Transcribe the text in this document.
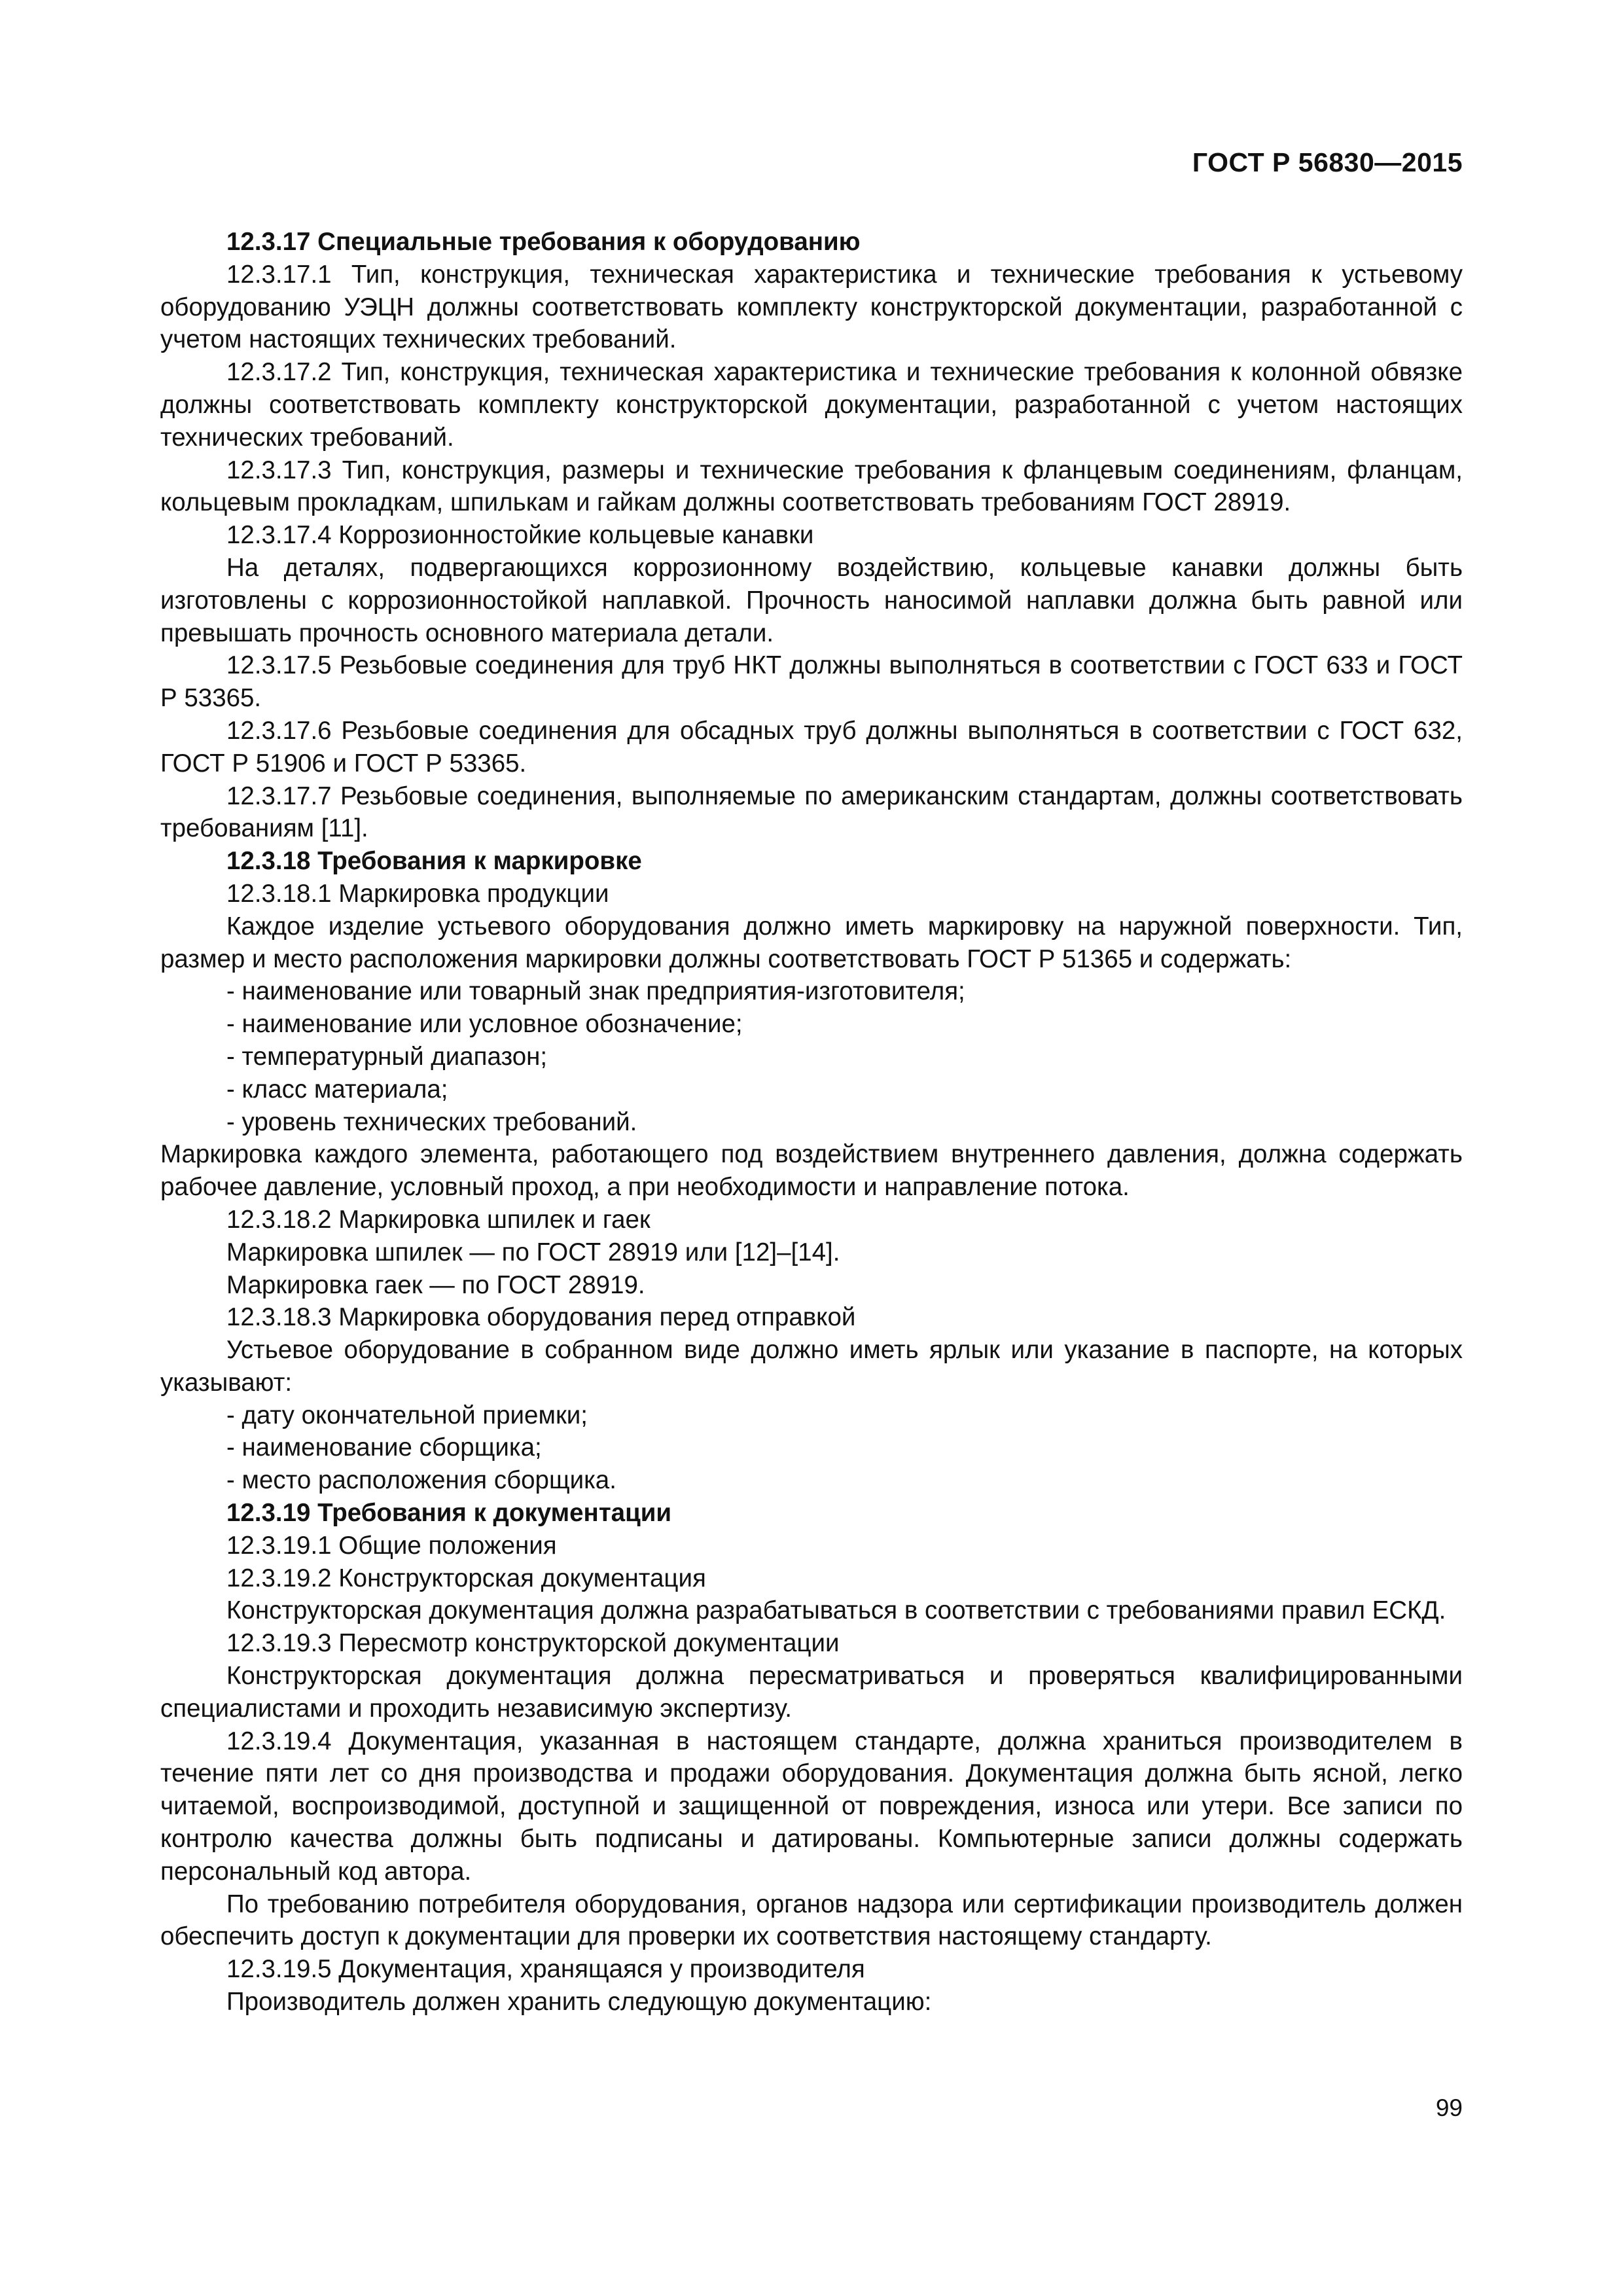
ГОСТ Р 56830—2015

12.3.17 Специальные требования к оборудованию

12.3.17.1 Тип, конструкция, техническая характеристика и технические требования к устьевому оборудованию УЭЦН должны соответствовать комплекту конструкторской документации, разработанной с учетом настоящих технических требований.

12.3.17.2 Тип, конструкция, техническая характеристика и технические требования к колонной обвязке должны соответствовать комплекту конструкторской документации, разработанной с учетом настоящих технических требований.

12.3.17.3 Тип, конструкция, размеры и технические требования к фланцевым соединениям, фланцам, кольцевым прокладкам, шпилькам и гайкам должны соответствовать требованиям ГОСТ 28919.

12.3.17.4 Коррозионностойкие кольцевые канавки

На деталях, подвергающихся коррозионному воздействию, кольцевые канавки должны быть изготовлены с коррозионностойкой наплавкой. Прочность наносимой наплавки должна быть равной или превышать прочность основного материала детали.

12.3.17.5 Резьбовые соединения для труб НКТ должны выполняться в соответствии с ГОСТ 633 и ГОСТ Р 53365.

12.3.17.6 Резьбовые соединения для обсадных труб должны выполняться в соответствии с ГОСТ 632, ГОСТ Р 51906 и ГОСТ Р 53365.

12.3.17.7 Резьбовые соединения, выполняемые по американским стандартам, должны соответствовать требованиям [11].

12.3.18 Требования к маркировке

12.3.18.1 Маркировка продукции

Каждое изделие устьевого оборудования должно иметь маркировку на наружной поверхности. Тип, размер и место расположения маркировки должны соответствовать ГОСТ Р 51365 и содержать:

- наименование или товарный знак предприятия-изготовителя;

- наименование или условное обозначение;

- температурный диапазон;

- класс материала;

- уровень технических требований.

Маркировка каждого элемента, работающего под воздействием внутреннего давления, должна содержать рабочее давление, условный проход, а при необходимости и направление потока.

12.3.18.2 Маркировка шпилек и гаек

Маркировка шпилек — по ГОСТ 28919 или [12]–[14].

Маркировка гаек — по ГОСТ 28919.

12.3.18.3 Маркировка оборудования перед отправкой

Устьевое оборудование в собранном виде должно иметь ярлык или указание в паспорте, на которых указывают:

- дату окончательной приемки;

- наименование сборщика;

- место расположения сборщика.

12.3.19 Требования к документации

12.3.19.1 Общие положения

12.3.19.2 Конструкторская документация

Конструкторская документация должна разрабатываться в соответствии с требованиями правил ЕСКД.

12.3.19.3 Пересмотр конструкторской документации

Конструкторская документация должна пересматриваться и проверяться квалифицированными специалистами и проходить независимую экспертизу.

12.3.19.4 Документация, указанная в настоящем стандарте, должна храниться производителем в течение пяти лет со дня производства и продажи оборудования. Документация должна быть ясной, легко читаемой, воспроизводимой, доступной и защищенной от повреждения, износа или утери. Все записи по контролю качества должны быть подписаны и датированы. Компьютерные записи должны содержать персональный код автора.

По требованию потребителя оборудования, органов надзора или сертификации производитель должен обеспечить доступ к документации для проверки их соответствия настоящему стандарту.

12.3.19.5 Документация, хранящаяся у производителя

Производитель должен хранить следующую документацию:

99
